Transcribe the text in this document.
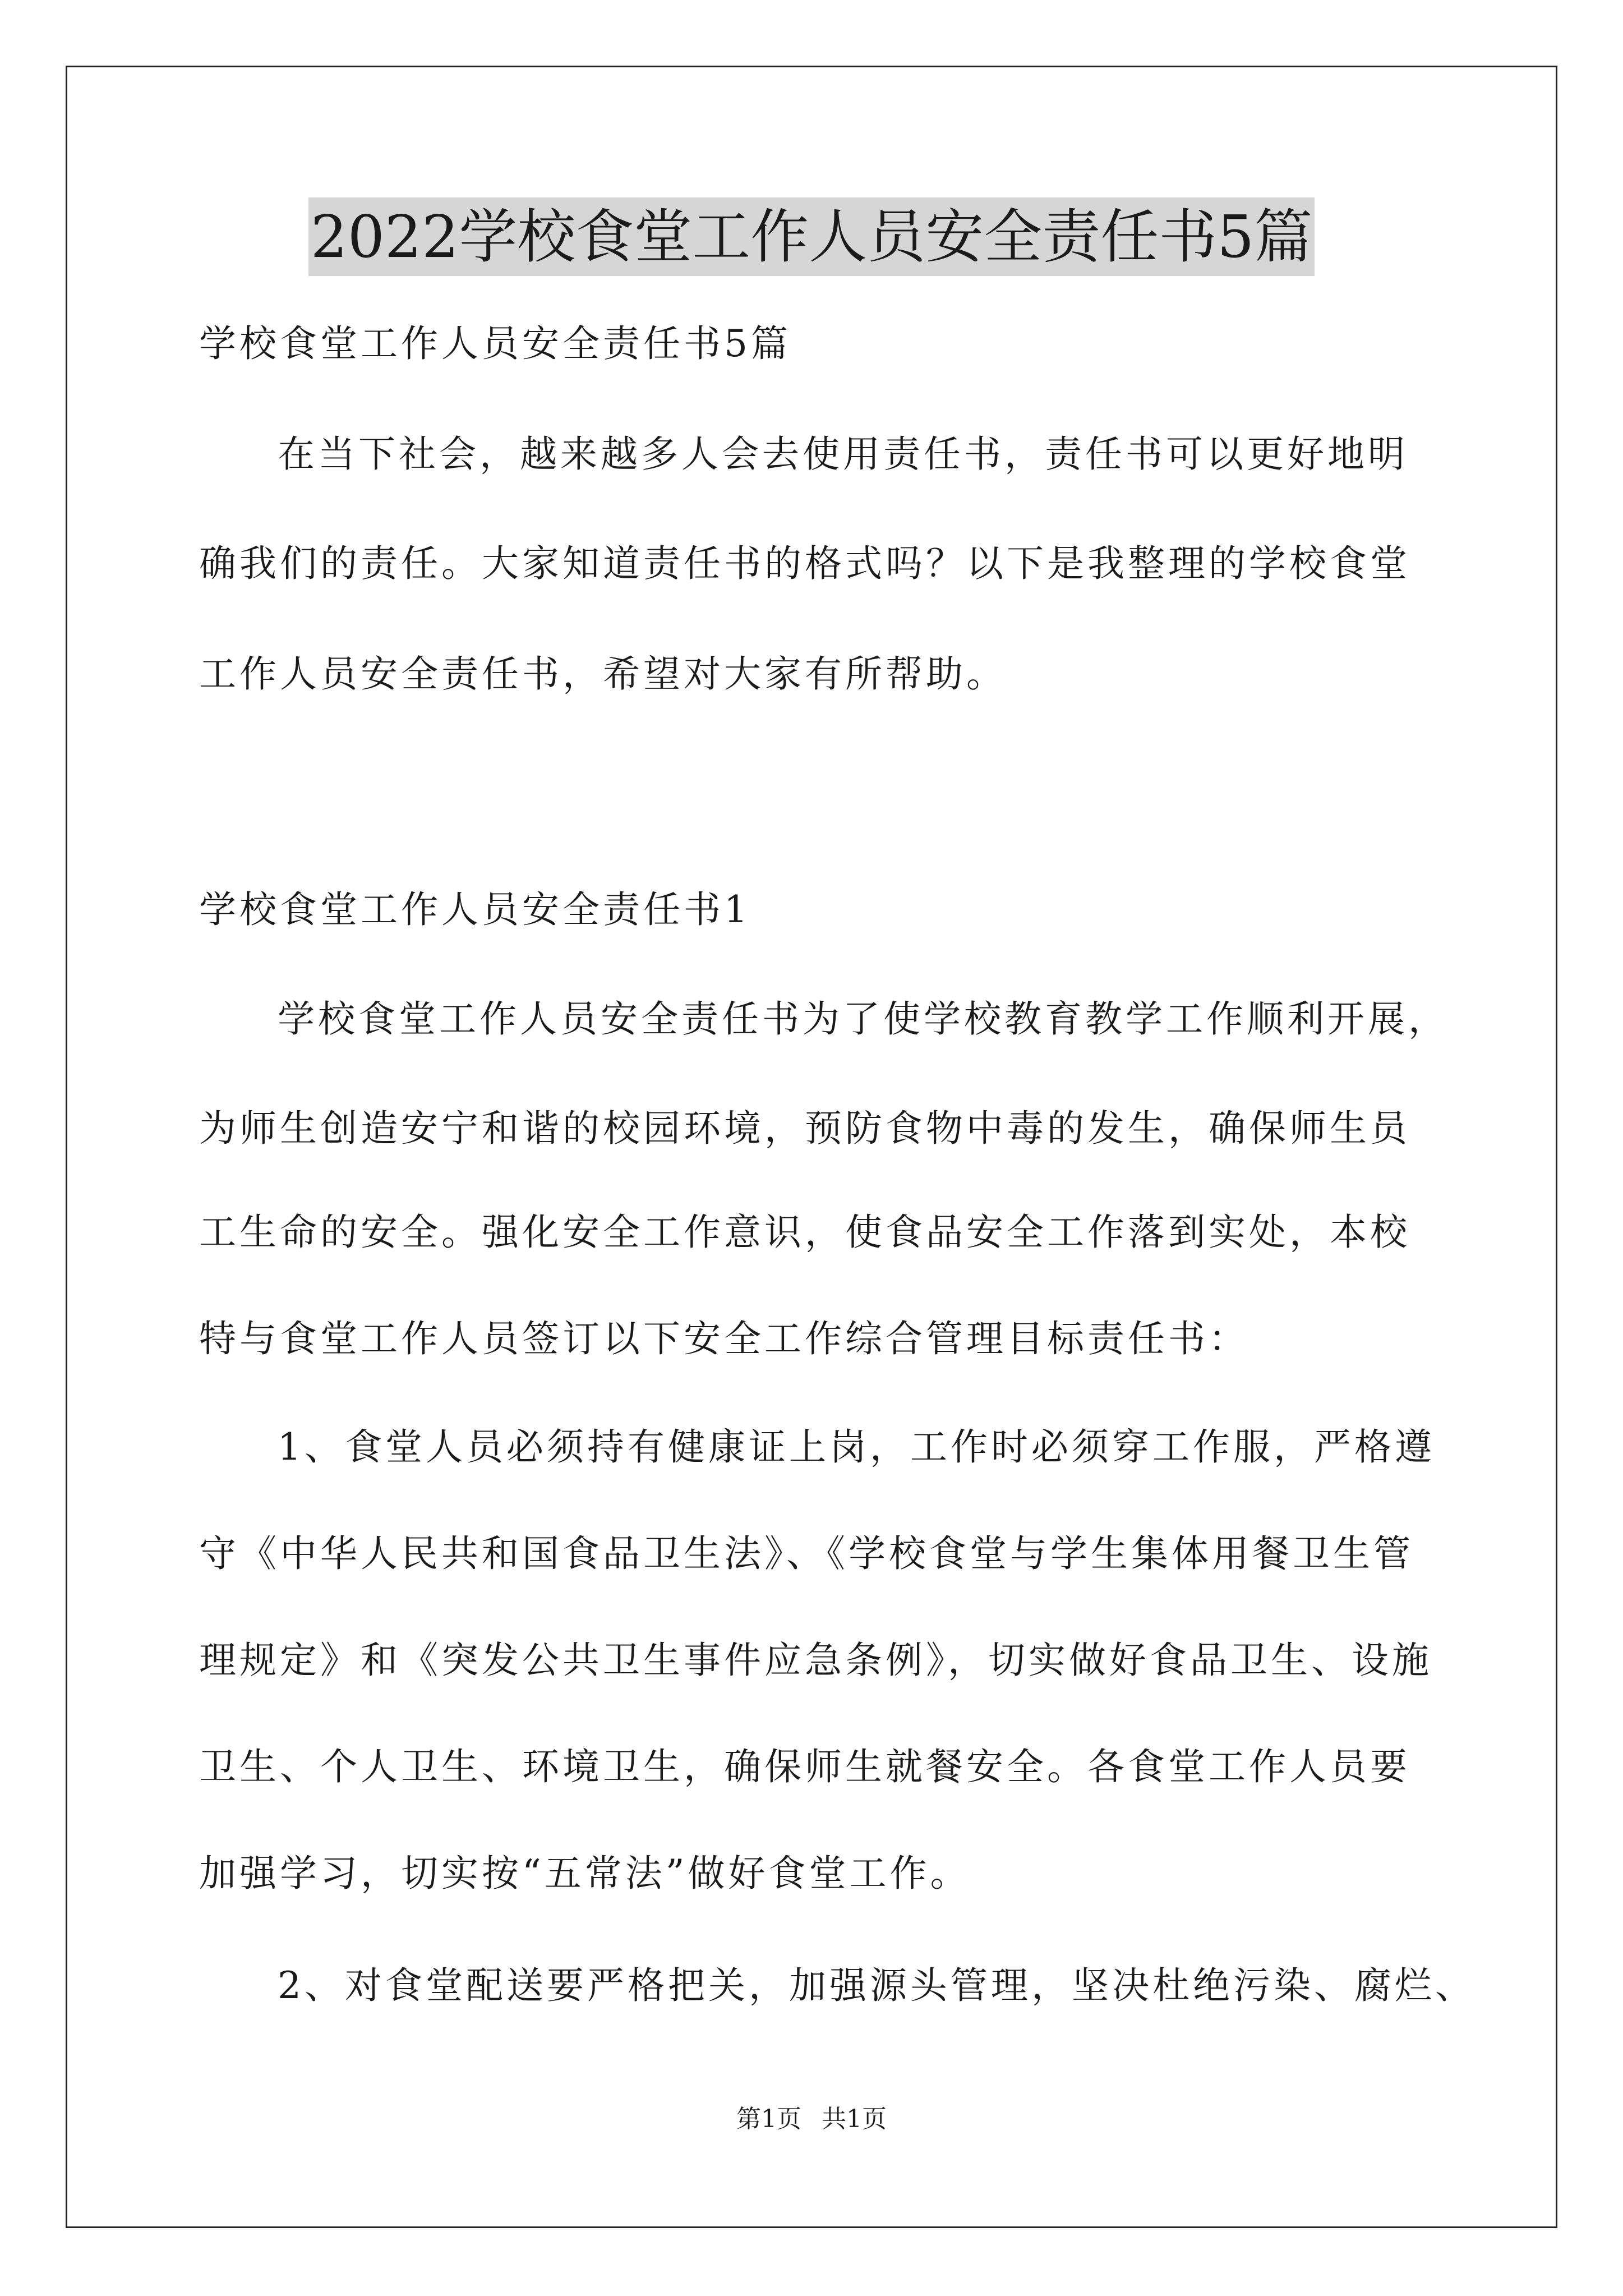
2022学校食堂工作人员安全责任书5篇
学校食堂工作人员安全责任书5篇
在当下社会，越来越多人会去使用责任书，责任书可以更好地明
确我们的责任。大家知道责任书的格式吗？以下是我整理的学校食堂
工作人员安全责任书，希望对大家有所帮助。
学校食堂工作人员安全责任书1
学校食堂工作人员安全责任书为了使学校教育教学工作顺利开展，
为师生创造安宁和谐的校园环境，预防食物中毒的发生，确保师生员
工生命的安全。强化安全工作意识，使食品安全工作落到实处，本校
特与食堂工作人员签订以下安全工作综合管理目标责任书：
1、食堂人员必须持有健康证上岗，工作时必须穿工作服，严格遵
守《中华人民共和国食品卫生法》、《学校食堂与学生集体用餐卫生管
理规定》和《突发公共卫生事件应急条例》，切实做好食品卫生、设施
卫生、个人卫生、环境卫生，确保师生就餐安全。各食堂工作人员要
加强学习，切实按“五常法”做好食堂工作。
2、对食堂配送要严格把关，加强源头管理，坚决杜绝污染、腐烂、
第1页 共1页
